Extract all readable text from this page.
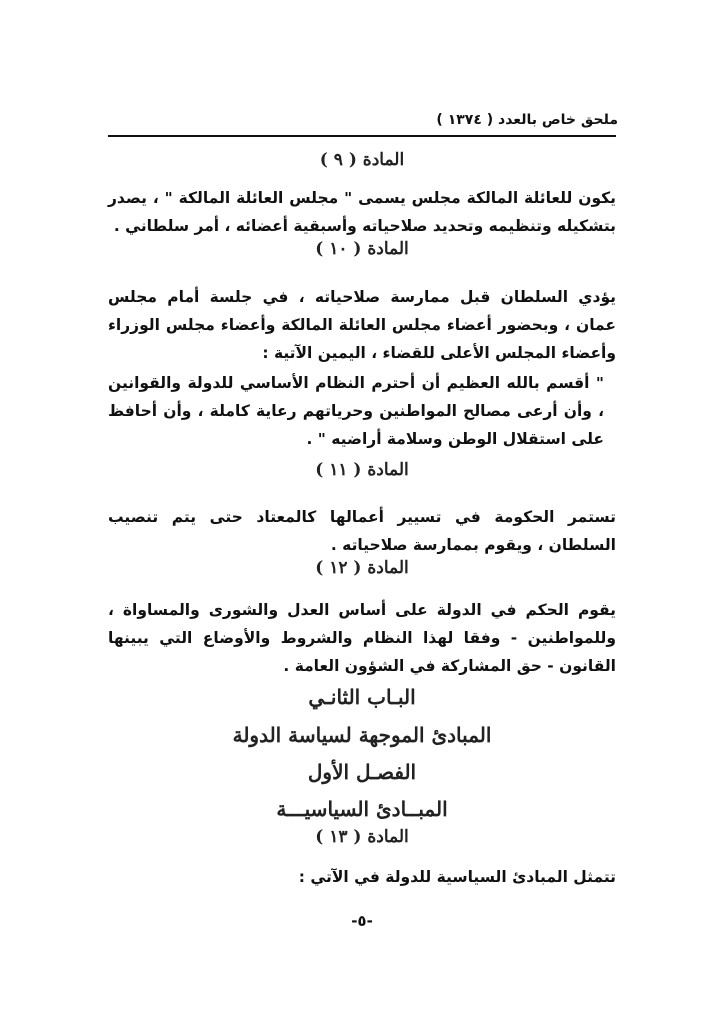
ملحق خاص بالعدد ( ١٣٧٤ )
المادة ( ٩ )
يكون للعائلة المالكة مجلس يسمى " مجلس العائلة المالكة " ، يصدر بتشكيله وتنظيمه وتحديد صلاحياته وأسبقية أعضائه ، أمر سلطاني .
المادة ( ١٠ )
يؤدي السلطان قبل ممارسة صلاحياته ، في جلسة أمام مجلس عمان ، وبحضور أعضاء مجلس العائلة المالكة وأعضاء مجلس الوزراء وأعضاء المجلس الأعلى للقضاء ، اليمين الآتية :
" أقسم بالله العظيم أن أحترم النظام الأساسي للدولة والقوانين ، وأن أرعى مصالح المواطنين وحرياتهم رعاية كاملة ، وأن أحافظ على استقلال الوطن وسلامة أراضيه " .
المادة ( ١١ )
تستمر الحكومة في تسيير أعمالها كالمعتاد حتى يتم تنصيب السلطان ، ويقوم بممارسة صلاحياته .
المادة ( ١٢ )
يقوم الحكم في الدولة على أساس العدل والشورى والمساواة ، وللمواطنين - وفقا لهذا النظام والشروط والأوضاع التي يبينها القانون - حق المشاركة في الشؤون العامة .
البـاب الثانـي
المبادئ الموجهة لسياسة الدولة
الفصـل الأول
المبــادئ السياسيـــة
المادة ( ١٣ )
تتمثل المبادئ السياسية للدولة في الآتي :
-٥-
